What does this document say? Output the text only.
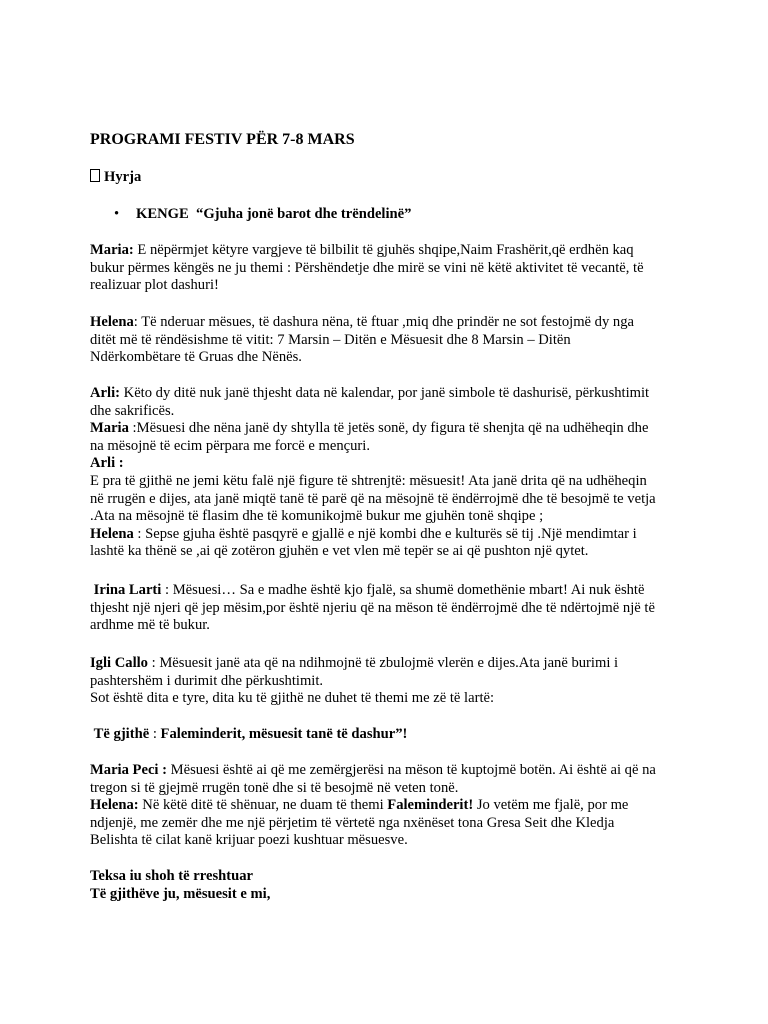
PROGRAMI FESTIV PËR 7-8 MARS
Hyrja
• KENGE “Gjuha jonë barot dhe trëndelinë”
Maria: E nëpërmjet këtyre vargjeve të bilbilit të gjuhës shqipe,Naim Frashërit,që erdhën kaq
bukur përmes këngës ne ju themi : Përshëndetje dhe mirë se vini në këtë aktivitet të vecantë, të
realizuar plot dashuri!
Helena: Të nderuar mësues, të dashura nëna, të ftuar ,miq dhe prindër ne sot festojmë dy nga
ditët më të rëndësishme të vitit: 7 Marsin – Ditën e Mësuesit dhe 8 Marsin – Ditën
Ndërkombëtare të Gruas dhe Nënës.
Arli: Këto dy ditë nuk janë thjesht data në kalendar, por janë simbole të dashurisë, përkushtimit
dhe sakrificës.
Maria :Mësuesi dhe nëna janë dy shtylla të jetës sonë, dy figura të shenjta që na udhëheqin dhe
na mësojnë të ecim përpara me forcë e mençuri.
Arli :
E pra të gjithë ne jemi këtu falë një figure të shtrenjtë: mësuesit! Ata janë drita që na udhëheqin
në rrugën e dijes, ata janë miqtë tanë të parë që na mësojnë të ëndërrojmë dhe të besojmë te vetja
.Ata na mësojnë të flasim dhe të komunikojmë bukur me gjuhën tonë shqipe ;
Helena : Sepse gjuha është pasqyrë e gjallë e një kombi dhe e kulturës së tij .Një mendimtar i
lashtë ka thënë se ,ai që zotëron gjuhën e vet vlen më tepër se ai që pushton një qytet.
Irina Larti : Mësuesi… Sa e madhe është kjo fjalë, sa shumë domethënie mbart! Ai nuk është
thjesht një njeri që jep mësim,por është njeriu që na mëson të ëndërrojmë dhe të ndërtojmë një të
ardhme më të bukur.
Igli Callo : Mësuesit janë ata që na ndihmojnë të zbulojmë vlerën e dijes.Ata janë burimi i
pashtershëm i durimit dhe përkushtimit.
Sot është dita e tyre, dita ku të gjithë ne duhet të themi me zë të lartë:
Të gjithë : Faleminderit, mësuesit tanë të dashur”!
Maria Peci : Mësuesi është ai që me zemërgjerësi na mëson të kuptojmë botën. Ai është ai që na
tregon si të gjejmë rrugën tonë dhe si të besojmë në veten tonë.
Helena: Në këtë ditë të shënuar, ne duam të themi Faleminderit! Jo vetëm me fjalë, por me
ndjenjë, me zemër dhe me një përjetim të vërtetë nga nxënëset tona Gresa Seit dhe Kledja
Belishta të cilat kanë krijuar poezi kushtuar mësuesve.
Teksa iu shoh të rreshtuar
Të gjithëve ju, mësuesit e mi,
